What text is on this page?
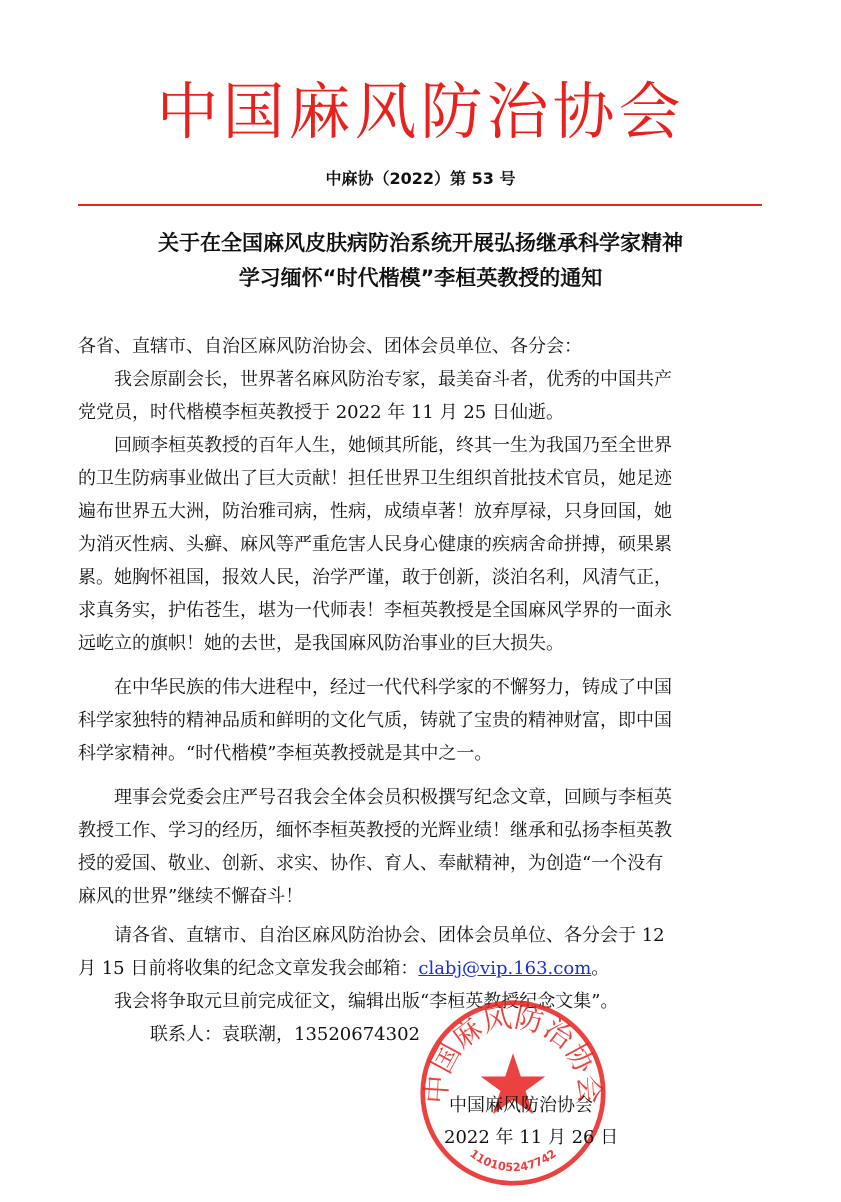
中国麻风防治协会
中麻协（2022）第 53 号
关于在全国麻风皮肤病防治系统开展弘扬继承科学家精神
学习缅怀“时代楷模”李桓英教授的通知
各省、直辖市、自治区麻风防治协会、团体会员单位、各分会：
　　我会原副会长，世界著名麻风防治专家，最美奋斗者，优秀的中国共产
党党员，时代楷模李桓英教授于 2022 年 11 月 25 日仙逝。
　　回顾李桓英教授的百年人生，她倾其所能，终其一生为我国乃至全世界
的卫生防病事业做出了巨大贡献！担任世界卫生组织首批技术官员，她足迹
遍布世界五大洲，防治雅司病，性病，成绩卓著！放弃厚禄，只身回国，她
为消灭性病、头癣、麻风等严重危害人民身心健康的疾病舍命拼搏，硕果累
累。她胸怀祖国，报效人民，治学严谨，敢于创新，淡泊名利，风清气正，
求真务实，护佑苍生，堪为一代师表！李桓英教授是全国麻风学界的一面永
远屹立的旗帜！她的去世，是我国麻风防治事业的巨大损失。
　　在中华民族的伟大进程中，经过一代代科学家的不懈努力，铸成了中国
科学家独特的精神品质和鲜明的文化气质，铸就了宝贵的精神财富，即中国
科学家精神。“时代楷模”李桓英教授就是其中之一。
　　理事会党委会庄严号召我会全体会员积极撰写纪念文章，回顾与李桓英
教授工作、学习的经历，缅怀李桓英教授的光辉业绩！继承和弘扬李桓英教
授的爱国、敬业、创新、求实、协作、育人、奉献精神，为创造“一个没有
麻风的世界”继续不懈奋斗！
　　请各省、直辖市、自治区麻风防治协会、团体会员单位、各分会于 12
月 15 日前将收集的纪念文章发我会邮箱：clabj@vip.163.com。
　　我会将争取元旦前完成征文，编辑出版“李桓英教授纪念文集”。
联系人：袁联潮，13520674302
中国麻风防治协会
110105247742
中国麻风防治协会
2022 年 11 月 26 日
